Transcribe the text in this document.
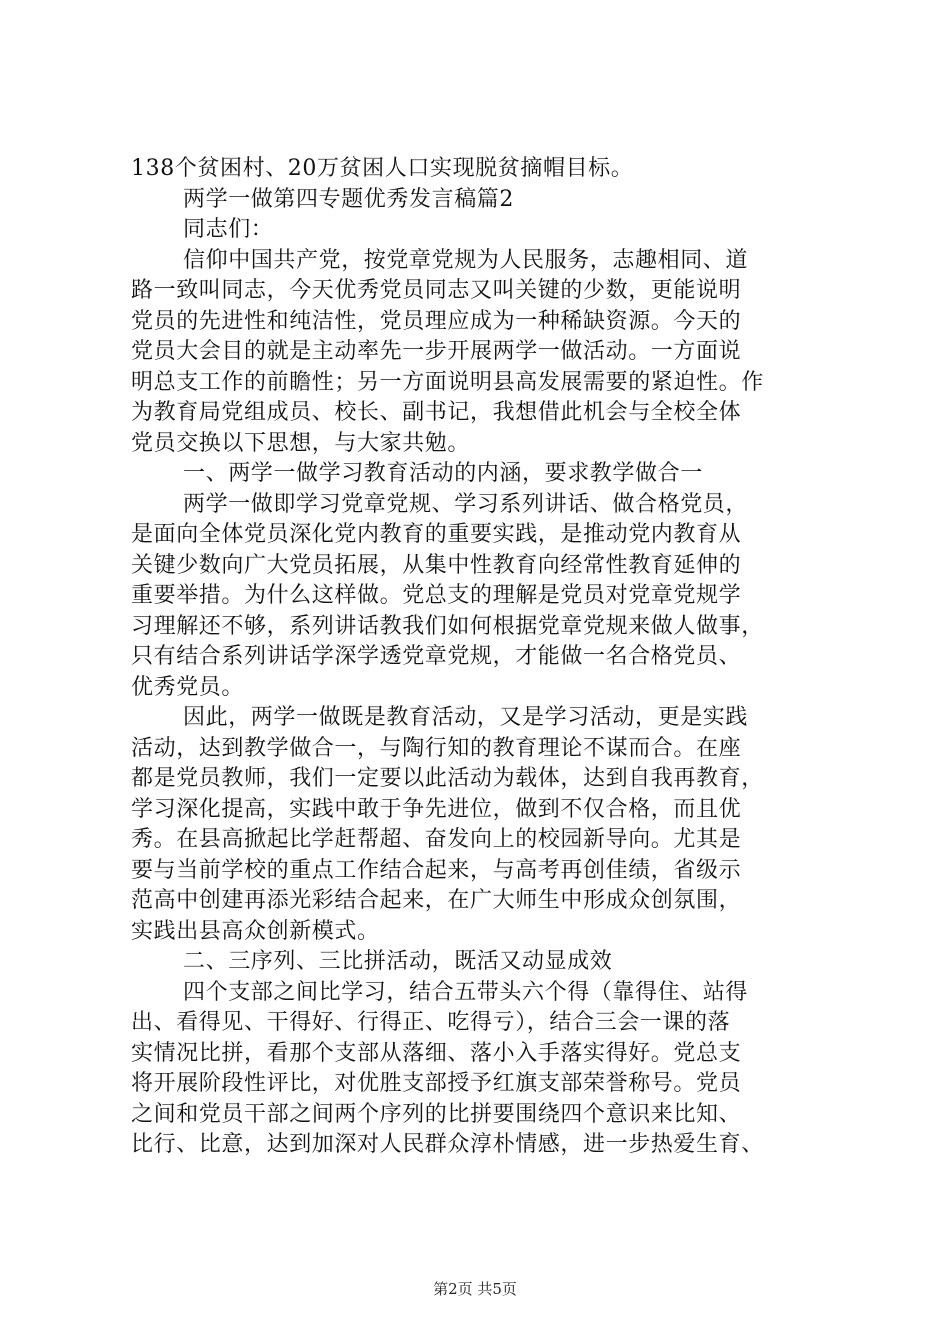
138个贫困村、20万贫困人口实现脱贫摘帽目标。
两学一做第四专题优秀发言稿篇2
同志们：
信仰中国共产党，按党章党规为人民服务，志趣相同、道
路一致叫同志，今天优秀党员同志又叫关键的少数，更能说明
党员的先进性和纯洁性，党员理应成为一种稀缺资源。今天的
党员大会目的就是主动率先一步开展两学一做活动。一方面说
明总支工作的前瞻性；另一方面说明县高发展需要的紧迫性。作
为教育局党组成员、校长、副书记，我想借此机会与全校全体
党员交换以下思想，与大家共勉。
一、两学一做学习教育活动的内涵，要求教学做合一
两学一做即学习党章党规、学习系列讲话、做合格党员，
是面向全体党员深化党内教育的重要实践，是推动党内教育从
关键少数向广大党员拓展，从集中性教育向经常性教育延伸的
重要举措。为什么这样做。党总支的理解是党员对党章党规学
习理解还不够，系列讲话教我们如何根据党章党规来做人做事，
只有结合系列讲话学深学透党章党规，才能做一名合格党员、
优秀党员。
因此，两学一做既是教育活动，又是学习活动，更是实践
活动，达到教学做合一，与陶行知的教育理论不谋而合。在座
都是党员教师，我们一定要以此活动为载体，达到自我再教育，
学习深化提高，实践中敢于争先进位，做到不仅合格，而且优
秀。在县高掀起比学赶帮超、奋发向上的校园新导向。尤其是
要与当前学校的重点工作结合起来，与高考再创佳绩，省级示
范高中创建再添光彩结合起来，在广大师生中形成众创氛围，
实践出县高众创新模式。
二、三序列、三比拼活动，既活又动显成效
四个支部之间比学习，结合五带头六个得（靠得住、站得
出、看得见、干得好、行得正、吃得亏），结合三会一课的落
实情况比拼，看那个支部从落细、落小入手落实得好。党总支
将开展阶段性评比，对优胜支部授予红旗支部荣誉称号。党员
之间和党员干部之间两个序列的比拼要围绕四个意识来比知、
比行、比意，达到加深对人民群众淳朴情感，进一步热爱生育、
第2页 共5页
